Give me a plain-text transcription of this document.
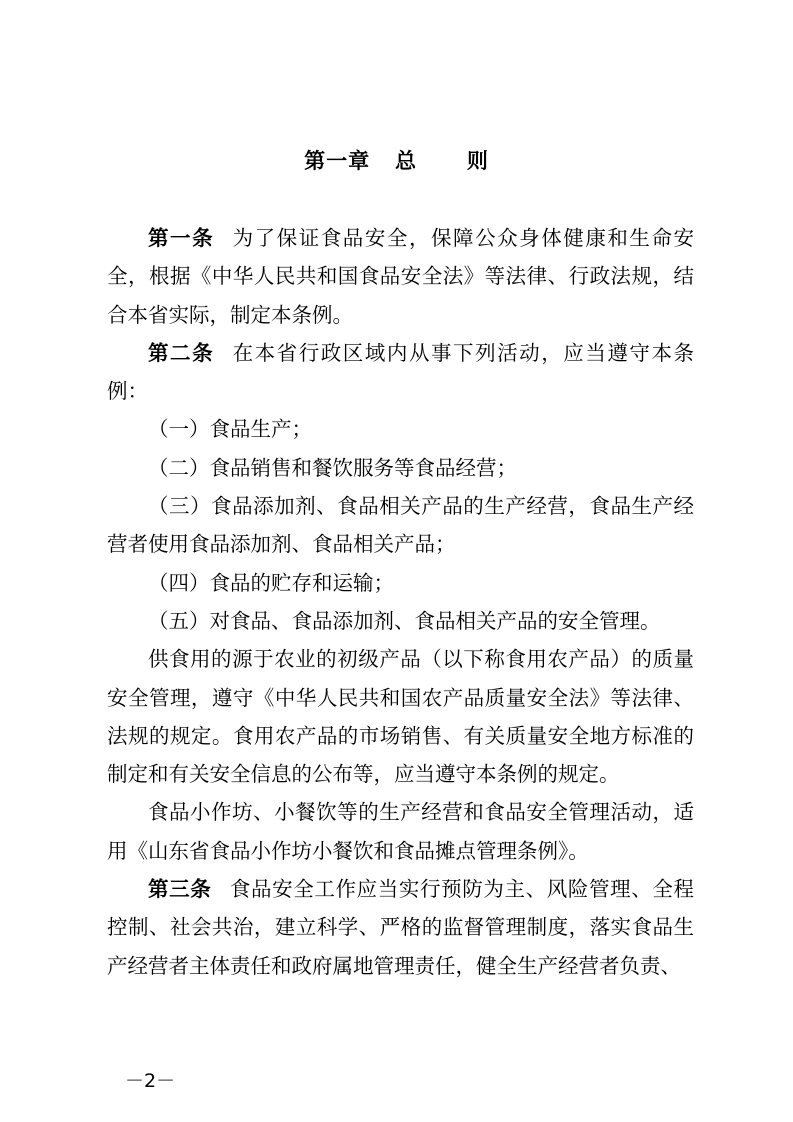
第一章   总      则

第一条 为了保证食品安全，保障公众身体健康和生命安全，根据《中华人民共和国食品安全法》等法律、行政法规，结合本省实际，制定本条例。

第二条 在本省行政区域内从事下列活动，应当遵守本条例：

（一）食品生产；

（二）食品销售和餐饮服务等食品经营；

（三）食品添加剂、食品相关产品的生产经营，食品生产经营者使用食品添加剂、食品相关产品；

（四）食品的贮存和运输；

（五）对食品、食品添加剂、食品相关产品的安全管理。

供食用的源于农业的初级产品（以下称食用农产品）的质量安全管理，遵守《中华人民共和国农产品质量安全法》等法律、法规的规定。食用农产品的市场销售、有关质量安全地方标准的制定和有关安全信息的公布等，应当遵守本条例的规定。

食品小作坊、小餐饮等的生产经营和食品安全管理活动，适用《山东省食品小作坊小餐饮和食品摊点管理条例》。

第三条 食品安全工作应当实行预防为主、风险管理、全程控制、社会共治，建立科学、严格的监督管理制度，落实食品生产经营者主体责任和政府属地管理责任，健全生产经营者负责、

－2－
